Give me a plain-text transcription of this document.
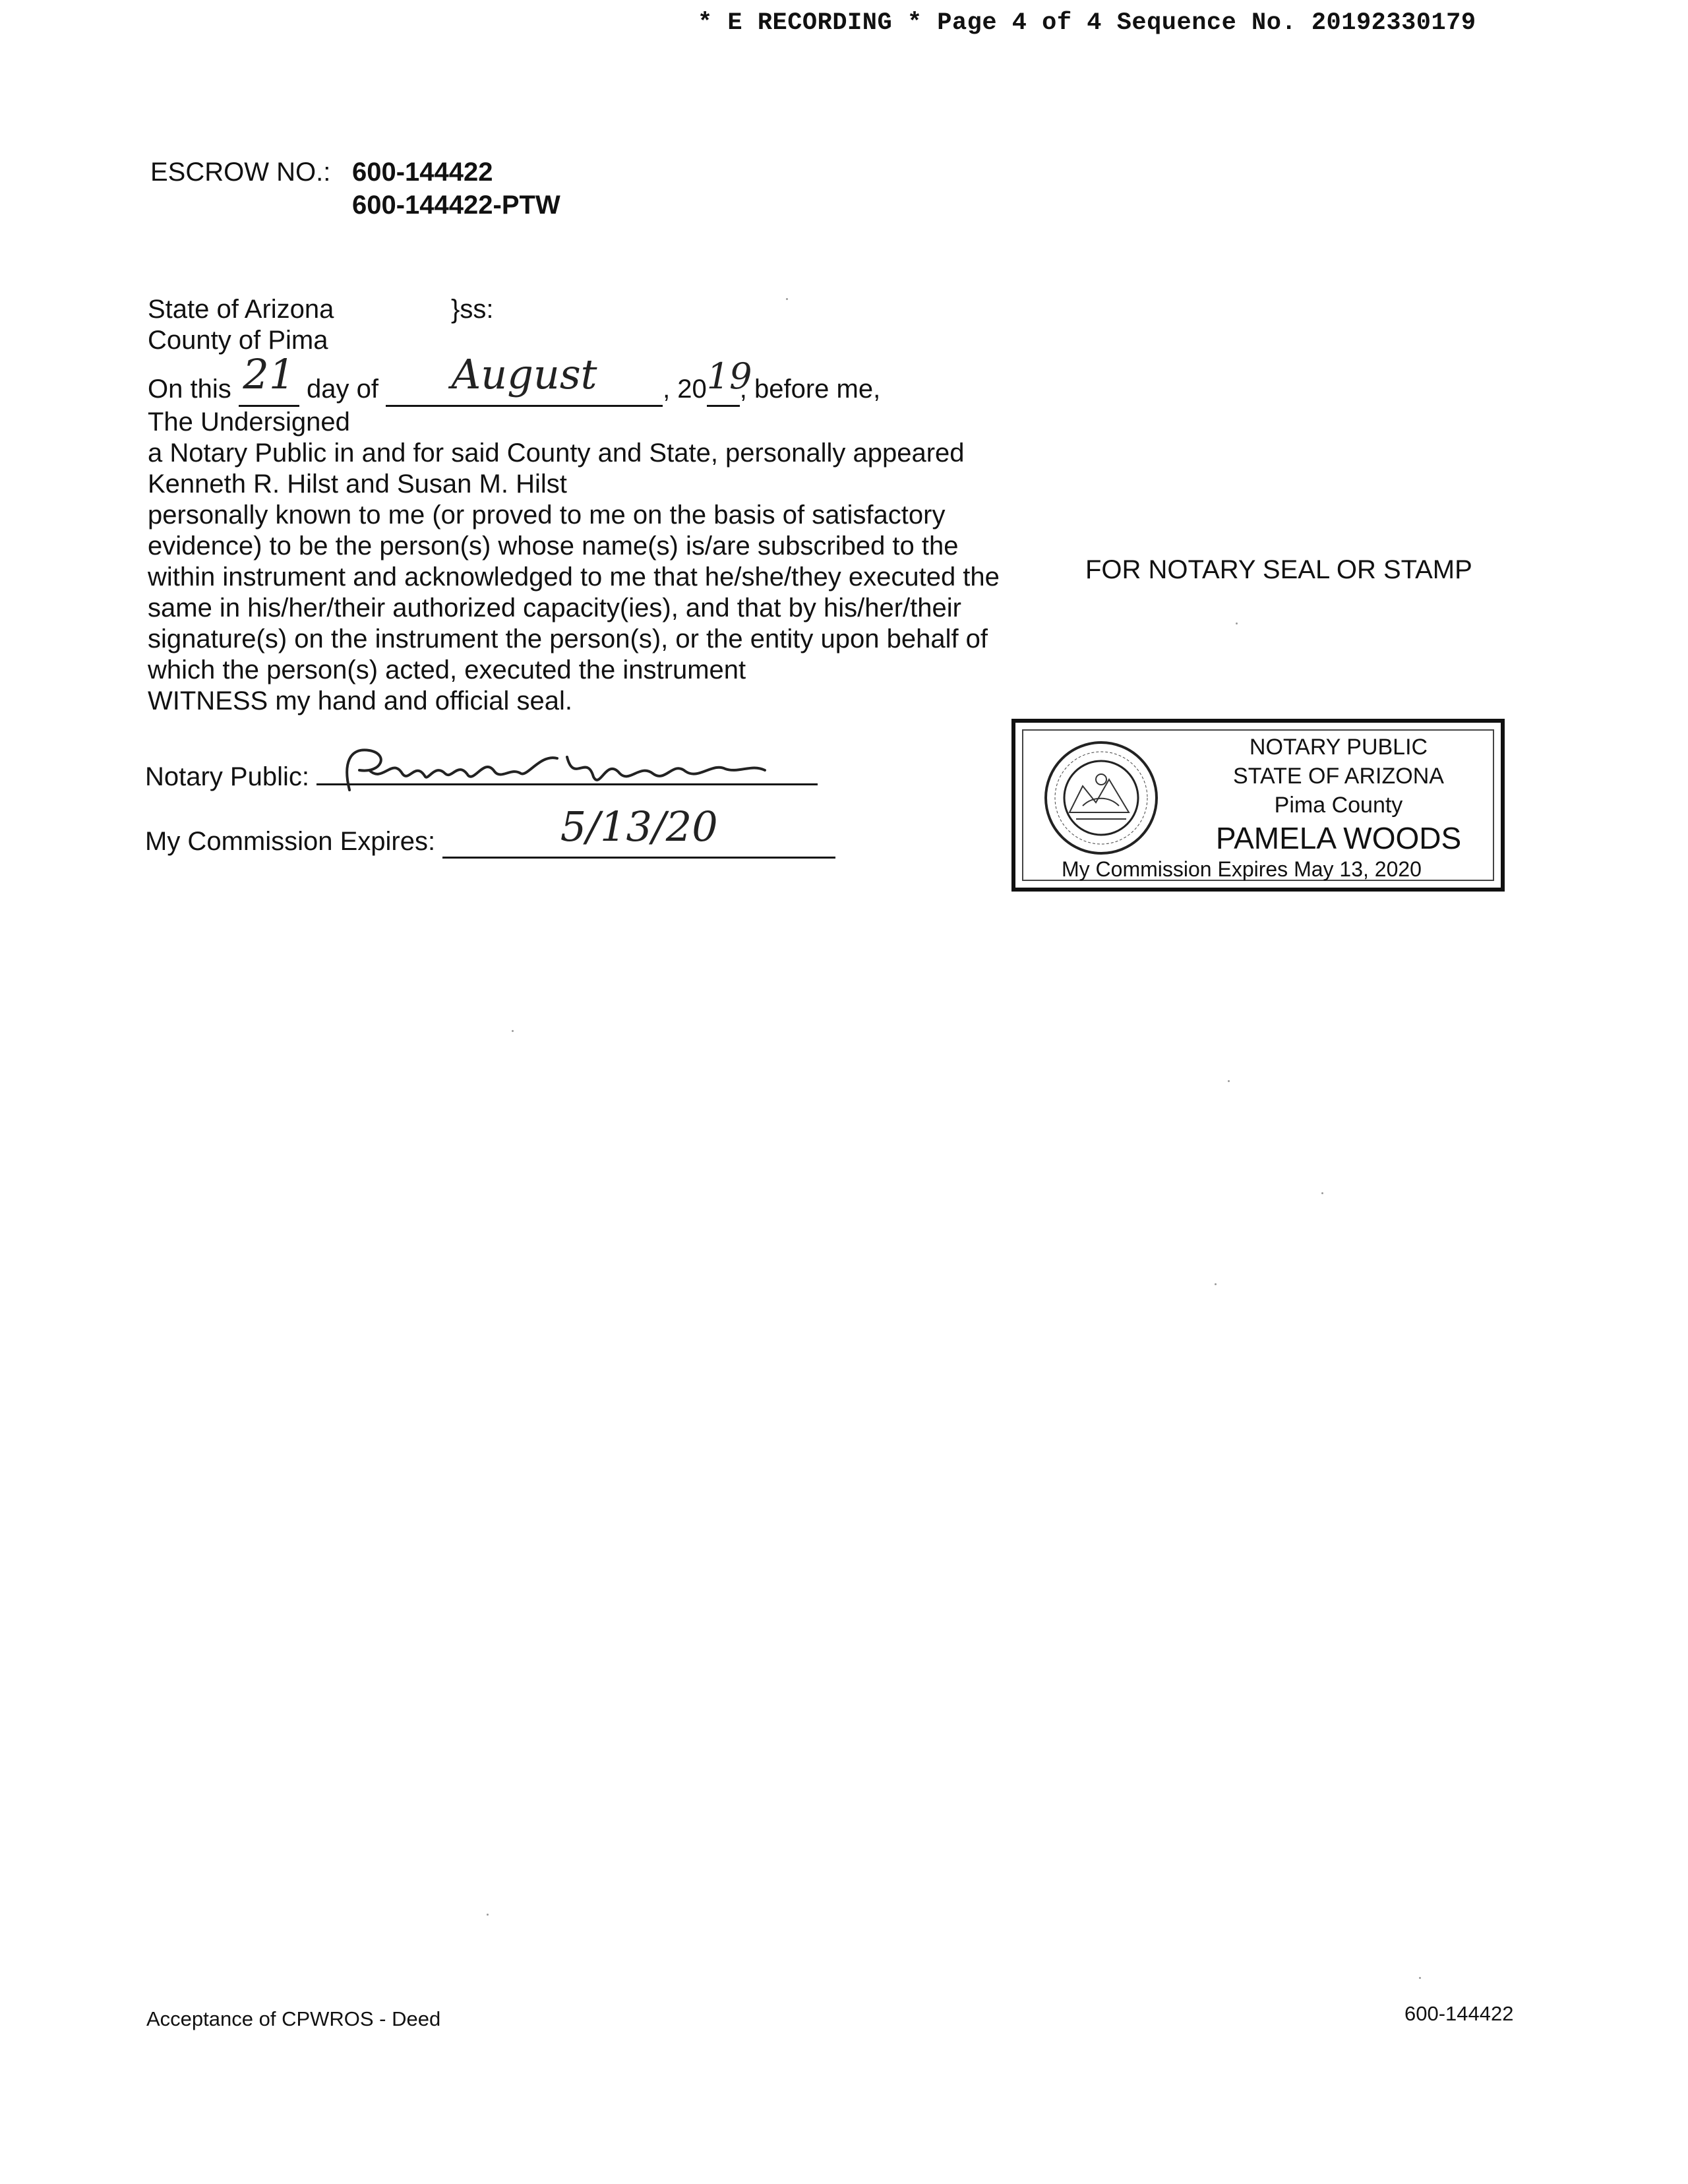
* E RECORDING * Page 4 of 4 Sequence No. 20192330179
ESCROW NO.: 600-144422
600-144422-PTW
State of Arizona	}ss:
County of Pima
On this 21 day of August , 2019, before me,
The Undersigned
a Notary Public in and for said County and State, personally appeared
Kenneth R. Hilst and Susan M. Hilst
personally known to me (or proved to me on the basis of satisfactory
evidence) to be the person(s) whose name(s) is/are subscribed to the
within instrument and acknowledged to me that he/she/they executed the
same in his/her/their authorized capacity(ies), and that by his/her/their
signature(s) on the instrument the person(s), or the entity upon behalf of
which the person(s) acted, executed the instrument
WITNESS my hand and official seal.
FOR NOTARY SEAL OR STAMP
Notary Public:
My Commission Expires:	5/13/20
NOTARY PUBLIC
STATE OF ARIZONA
Pima County
PAMELA WOODS
My Commission Expires May 13, 2020
Acceptance of CPWROS - Deed	600-144422
